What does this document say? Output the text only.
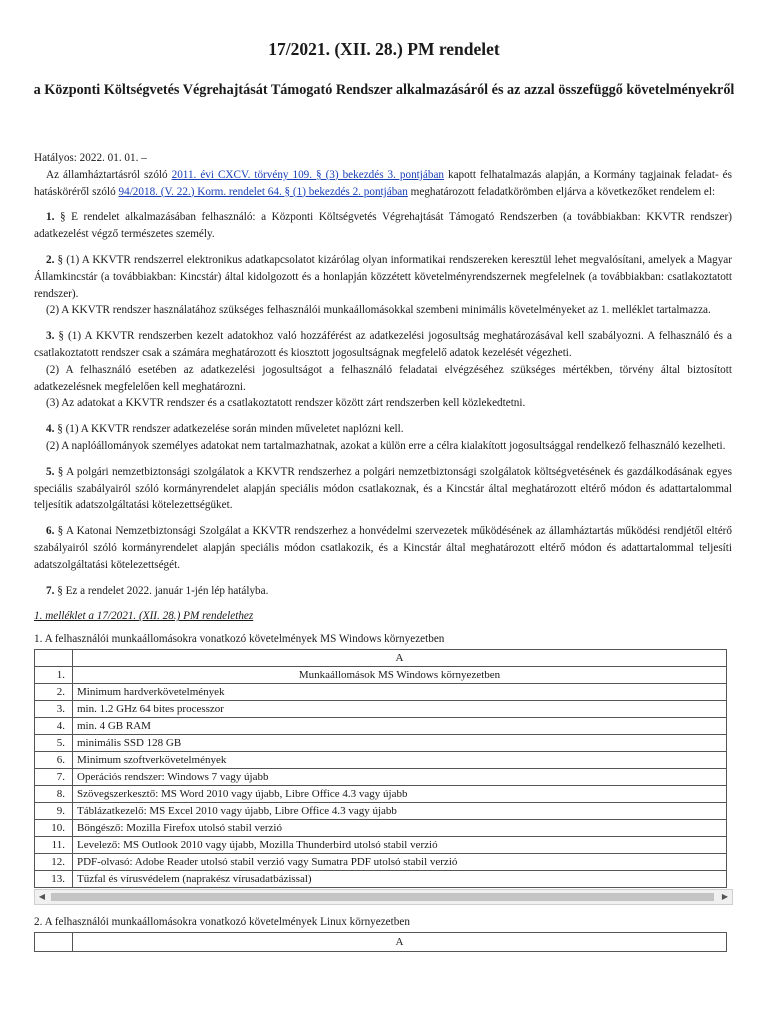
17/2021. (XII. 28.) PM rendelet
a Központi Költségvetés Végrehajtását Támogató Rendszer alkalmazásáról és az azzal összefüggő követelményekről

Hatályos: 2022. 01. 01. –

Az államháztartásról szóló 2011. évi CXCV. törvény 109. § (3) bekezdés 3. pontjában kapott felhatalmazás alapján, a Kormány tagjainak feladat- és hatásköréről szóló 94/2018. (V. 22.) Korm. rendelet 64. § (1) bekezdés 2. pontjában meghatározott feladatkörömben eljárva a következőket rendelem el:

1. § E rendelet alkalmazásában felhasználó: a Központi Költségvetés Végrehajtását Támogató Rendszerben (a továbbiakban: KKVTR rendszer) adatkezelést végző természetes személy.

2. § (1) A KKVTR rendszerrel elektronikus adatkapcsolatot kizárólag olyan informatikai rendszereken keresztül lehet megvalósítani, amelyek a Magyar Államkincstár (a továbbiakban: Kincstár) által kidolgozott és a honlapján közzétett követelményrendszernek megfelelnek (a továbbiakban: csatlakoztatott rendszer).

(2) A KKVTR rendszer használatához szükséges felhasználói munkaállomásokkal szembeni minimális követelményeket az 1. melléklet tartalmazza.

3. § (1) A KKVTR rendszerben kezelt adatokhoz való hozzáférést az adatkezelési jogosultság meghatározásával kell szabályozni. A felhasználó és a csatlakoztatott rendszer csak a számára meghatározott és kiosztott jogosultságnak megfelelő adatok kezelését végezheti.

(2) A felhasználó esetében az adatkezelési jogosultságot a felhasználó feladatai elvégzéséhez szükséges mértékben, törvény által biztosított adatkezelésnek megfelelően kell meghatározni.

(3) Az adatokat a KKVTR rendszer és a csatlakoztatott rendszer között zárt rendszerben kell közlekedtetni.

4. § (1) A KKVTR rendszer adatkezelése során minden műveletet naplózni kell.

(2) A naplóállományok személyes adatokat nem tartalmazhatnak, azokat a külön erre a célra kialakított jogosultsággal rendelkező felhasználó kezelheti.

5. § A polgári nemzetbiztonsági szolgálatok a KKVTR rendszerhez a polgári nemzetbiztonsági szolgálatok költségvetésének és gazdálkodásának egyes speciális szabályairól szóló kormányrendelet alapján speciális módon csatlakoznak, és a Kincstár által meghatározott eltérő módon és adattartalommal teljesítik adatszolgáltatási kötelezettségüket.

6. § A Katonai Nemzetbiztonsági Szolgálat a KKVTR rendszerhez a honvédelmi szervezetek működésének az államháztartás működési rendjétől eltérő szabályairól szóló kormányrendelet alapján speciális módon csatlakozik, és a Kincstár által meghatározott eltérő módon és adattartalommal teljesíti adatszolgáltatási kötelezettségét.

7. § Ez a rendelet 2022. január 1-jén lép hatályba.

1. melléklet a 17/2021. (XII. 28.) PM rendelethez

1. A felhasználói munkaállomásokra vonatkozó követelmények MS Windows környezetben

	A
1.	Munkaállomások MS Windows környezetben
2.	Minimum hardverkövetelmények
3.	min. 1.2 GHz 64 bites processzor
4.	min. 4 GB RAM
5.	minimális SSD 128 GB
6.	Minimum szoftverkövetelmények
7.	Operációs rendszer: Windows 7 vagy újabb
8.	Szövegszerkesztő: MS Word 2010 vagy újabb, Libre Office 4.3 vagy újabb
9.	Táblázatkezelő: MS Excel 2010 vagy újabb, Libre Office 4.3 vagy újabb
10.	Böngésző: Mozilla Firefox utolsó stabil verzió
11.	Levelező: MS Outlook 2010 vagy újabb, Mozilla Thunderbird utolsó stabil verzió
12.	PDF-olvasó: Adobe Reader utolsó stabil verzió vagy Sumatra PDF utolsó stabil verzió
13.	Tűzfal és vírusvédelem (naprakész vírusadatbázissal)
◀	▶

2. A felhasználói munkaállomásokra vonatkozó követelmények Linux környezetben

	A
